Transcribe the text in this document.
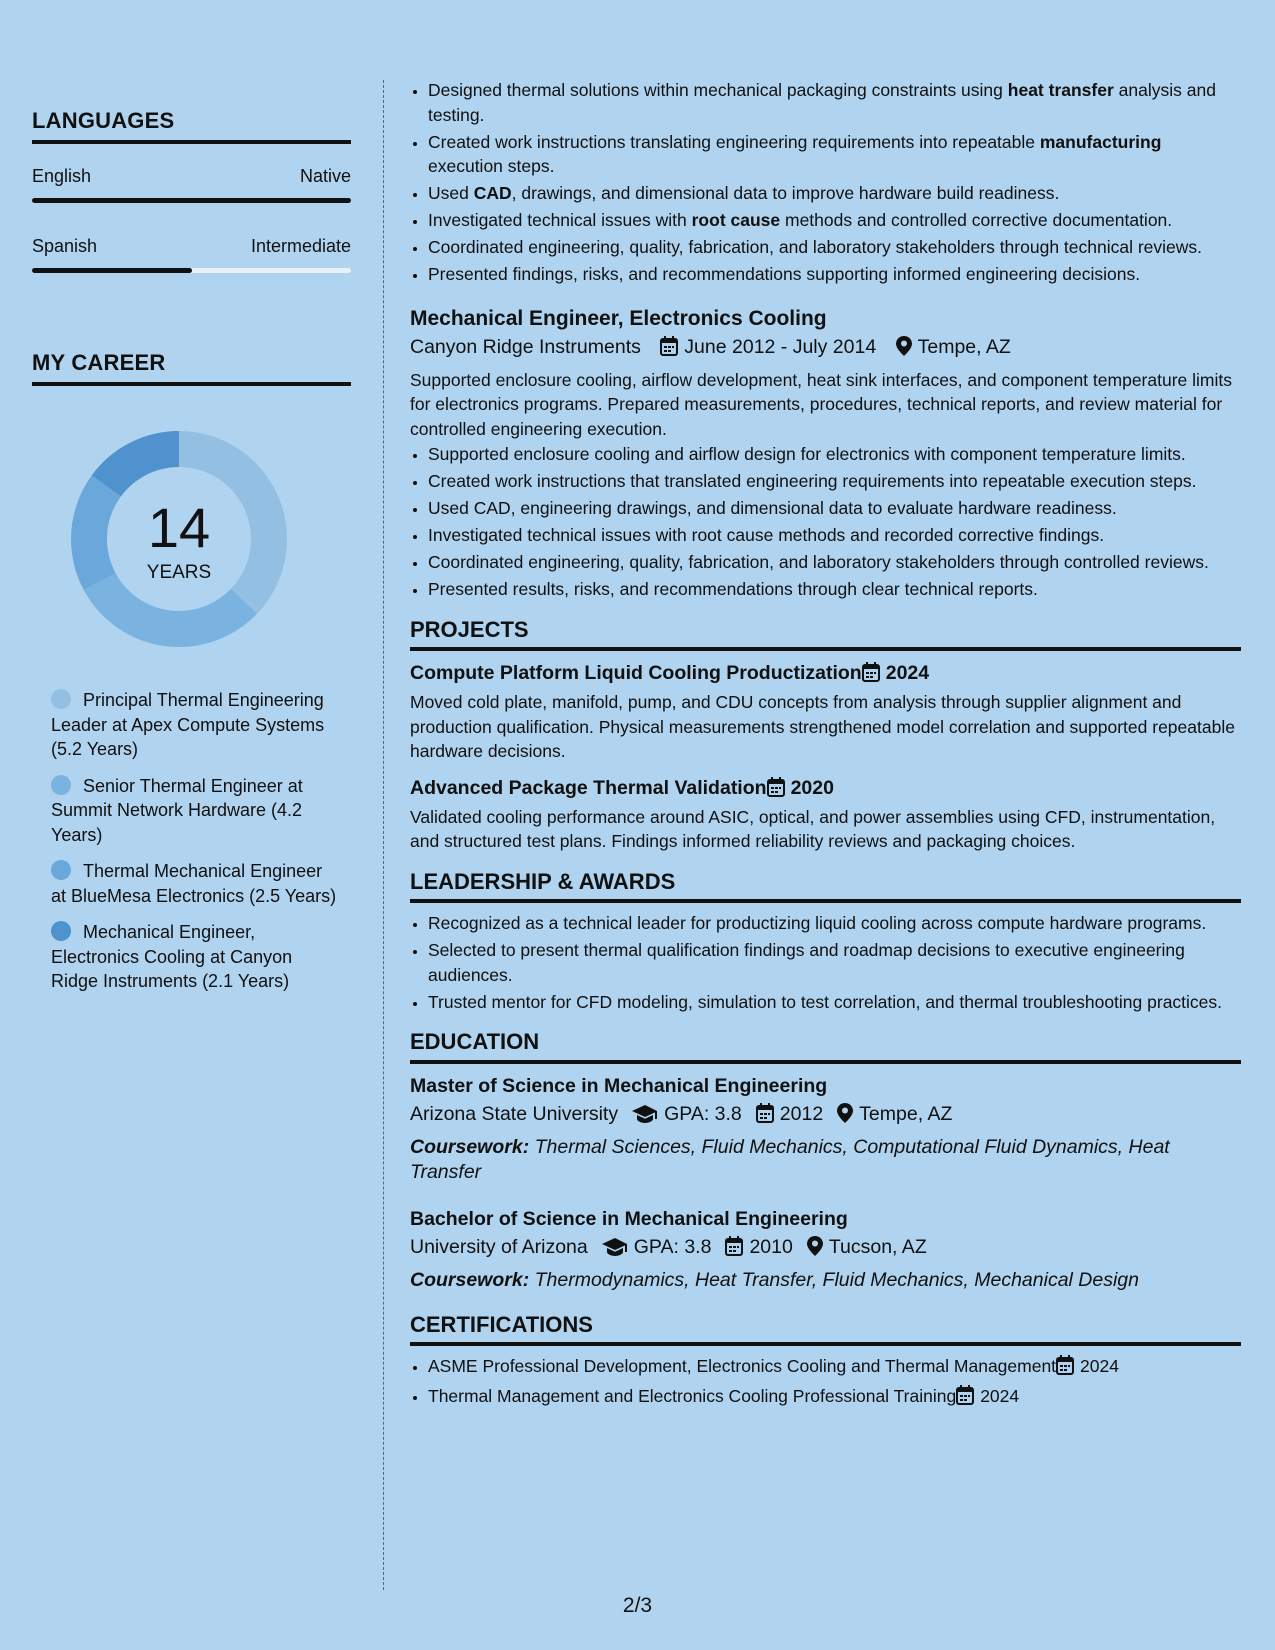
LANGUAGES
English	Native
Spanish	Intermediate
MY CAREER
14
YEARS
Principal Thermal Engineering Leader at Apex Compute Systems (5.2 Years)
Senior Thermal Engineer at Summit Network Hardware (4.2 Years)
Thermal Mechanical Engineer at BlueMesa Electronics (2.5 Years)
Mechanical Engineer, Electronics Cooling at Canyon Ridge Instruments (2.1 Years)
• Designed thermal solutions within mechanical packaging constraints using heat transfer analysis and testing.
• Created work instructions translating engineering requirements into repeatable manufacturing execution steps.
• Used CAD, drawings, and dimensional data to improve hardware build readiness.
• Investigated technical issues with root cause methods and controlled corrective documentation.
• Coordinated engineering, quality, fabrication, and laboratory stakeholders through technical reviews.
• Presented findings, risks, and recommendations supporting informed engineering decisions.
Mechanical Engineer, Electronics Cooling
Canyon Ridge Instruments June 2012 - July 2014 Tempe, AZ
Supported enclosure cooling, airflow development, heat sink interfaces, and component temperature limits for electronics programs. Prepared measurements, procedures, technical reports, and review material for controlled engineering execution.
• Supported enclosure cooling and airflow design for electronics with component temperature limits.
• Created work instructions that translated engineering requirements into repeatable execution steps.
• Used CAD, engineering drawings, and dimensional data to evaluate hardware readiness.
• Investigated technical issues with root cause methods and recorded corrective findings.
• Coordinated engineering, quality, fabrication, and laboratory stakeholders through controlled reviews.
• Presented results, risks, and recommendations through clear technical reports.
PROJECTS
Compute Platform Liquid Cooling Productization 2024
Moved cold plate, manifold, pump, and CDU concepts from analysis through supplier alignment and production qualification. Physical measurements strengthened model correlation and supported repeatable hardware decisions.
Advanced Package Thermal Validation 2020
Validated cooling performance around ASIC, optical, and power assemblies using CFD, instrumentation, and structured test plans. Findings informed reliability reviews and packaging choices.
LEADERSHIP & AWARDS
• Recognized as a technical leader for productizing liquid cooling across compute hardware programs.
• Selected to present thermal qualification findings and roadmap decisions to executive engineering audiences.
• Trusted mentor for CFD modeling, simulation to test correlation, and thermal troubleshooting practices.
EDUCATION
Master of Science in Mechanical Engineering
Arizona State University GPA: 3.8 2012 Tempe, AZ
Coursework: Thermal Sciences, Fluid Mechanics, Computational Fluid Dynamics, Heat Transfer
Bachelor of Science in Mechanical Engineering
University of Arizona GPA: 3.8 2010 Tucson, AZ
Coursework: Thermodynamics, Heat Transfer, Fluid Mechanics, Mechanical Design
CERTIFICATIONS
• ASME Professional Development, Electronics Cooling and Thermal Management 2024
• Thermal Management and Electronics Cooling Professional Training 2024
2/3
